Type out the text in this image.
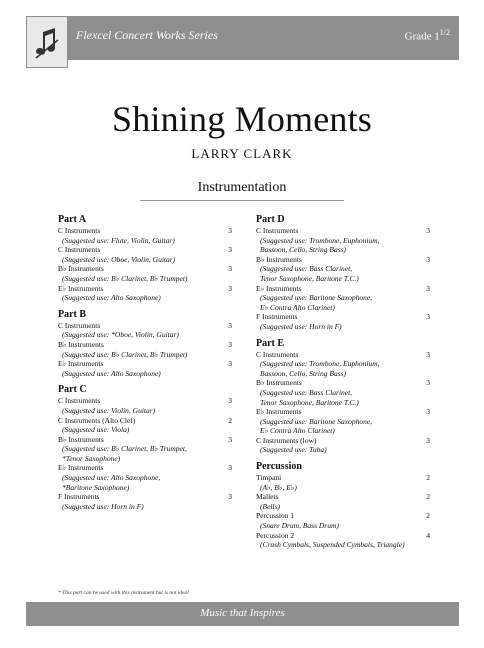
Flexcel Concert Works Series	Grade $1^{1/2}$
Shining Moments
LARRY CLARK
Instrumentation
Part A
C Instruments	3
(Suggested use: Flute, Violin, Guitar)
C Instruments	3
(Suggested use: Oboe, Violin, Guitar)
B♭ Instruments	3
(Suggested use: B♭ Clarinet, B♭ Trumpet)
E♭ Instruments	3
(Suggested use: Alto Saxophone)
Part B
C Instruments	3
(Suggested use: *Oboe, Violin, Guitar)
B♭ Instruments	3
(Suggested use: B♭ Clarinet, B♭ Trumpet)
E♭ Instruments	3
(Suggested use: Alto Saxophone)
Part C
C Instruments	3
(Suggested use: Violin, Guitar)
C Instruments (Alto Clef)	2
(Suggested use: Viola)
B♭ Instruments	3
(Suggested use: B♭ Clarinet, B♭ Trumpet,
*Tenor Saxophone)
E♭ Instruments	3
(Suggested use: Alto Saxophone,
*Baritone Saxophone)
F Instruments	3
(Suggested use: Horn in F)
Part D
C Instruments	3
(Suggested use: Trombone, Euphonium,
Bassoon, Cello, String Bass)
B♭ Instruments	3
(Suggested use: Bass Clarinet,
Tenor Saxophone, Baritone T.C.)
E♭ Instruments	3
(Suggested use: Baritone Saxophone,
E♭ Contra Alto Clarinet)
F Instruments	3
(Suggested use: Horn in F)
Part E
C Instruments	3
(Suggested use: Trombone, Euphonium,
Bassoon, Cello, String Bass)
B♭ Instruments	3
(Suggested use: Bass Clarinet,
Tenor Saxophone, Baritone T.C.)
E♭ Instruments	3
(Suggested use: Baritone Saxophone,
E♭ Contra Alto Clarinet)
C Instruments (low)	3
(Suggested use: Tuba)
Percussion
Timpani	2
(A♭, B♭, E♭)
Mallets	2
(Bells)
Percussion 1	2
(Snare Drum, Bass Drum)
Percussion 2	4
(Crash Cymbals, Suspended Cymbals, Triangle)
* This part can be used with this instrument but is not ideal
Music that Inspires
